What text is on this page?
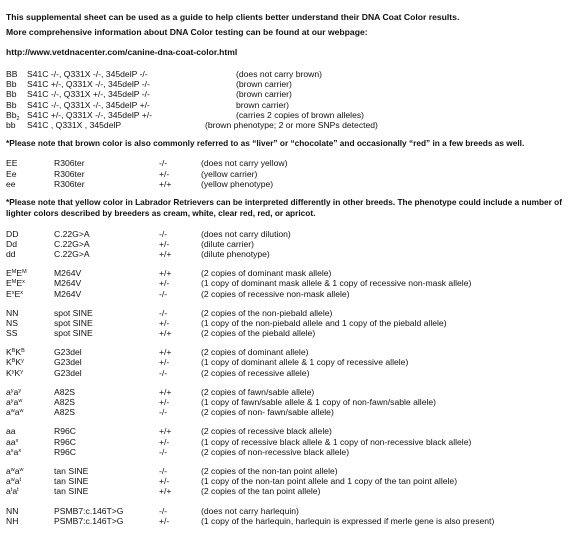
This supplemental sheet can be used as a guide to help clients better understand their DNA Coat Color results.

More comprehensive information about DNA Color testing can be found at our webpage:

http://www.vetdnacenter.com/canine-dna-coat-color.html
BB S41C -/-, Q331X -/-, 345delP -/-	(does not carry brown)
Bb S41C +/-, Q331X -/-, 345delP -/-	(brown carrier)
Bb S41C -/-, Q331X +/-, 345delP -/-	(brown carrier)
Bb S41C -/-, Q331X -/-, 345delP +/-	brown carrier)
$Bb_2$ S41C +/-, Q331X -/-, 345delP +/-	(carries 2 copies of brown alleles)
bb S41C , Q331X , 345delP	(brown phenotype; 2 or more SNPs detected)
*Please note that brown color is also commonly referred to as “liver” or “chocolate” and occasionally “red” in a few breeds as well.
EE	R306ter	-/-	(does not carry yellow)
Ee	R306ter	+/-	(yellow carrier)
ee	R306ter	+/+	(yellow phenotype)
*Please note that yellow color in Labrador Retrievers can be interpreted differently in other breeds. The phenotype could include a number of lighter colors described by breeders as cream, white, clear red, red, or apricot.
DD	C.22G>A	-/-	(does not carry dilution)
Dd	C.22G>A	+/-	(dilute carrier)
dd	C.22G>A	+/+	(dilute phenotype)
$E^ME^M$	M264V	+/+	(2 copies of dominant mask allele)
$E^ME^x$	M264V	+/-	(1 copy of dominant mask allele & 1 copy of recessive non-mask allele)
$E^xE^x$	M264V	-/-	(2 copies of recessive non-mask allele)
NN	spot SINE	-/-	(2 copies of the non-piebald allele)
NS	spot SINE	+/-	(1 copy of the non-piebald allele and 1 copy of the piebald allele)
SS	spot SINE	+/+	(2 copies of the piebald allele)
$K^BK^B$	G23del	+/+	(2 copies of dominant allele)
$K^BK^y$	G23del	+/-	(1 copy of dominant allele & 1 copy of recessive allele)
$K^yK^y$	G23del	-/-	(2 copies of recessive allele)
$a^ya^y$	A82S	+/+	(2 copies of fawn/sable allele)
$a^ya^w$	A82S	+/-	(1 copy of fawn/sable allele & 1 copy of non-fawn/sable allele)
$a^wa^w$	A82S	-/-	(2 copies of non- fawn/sable allele)
aa	R96C	+/+	(2 copies of recessive black allele)
$aa^x$	R96C	+/-	(1 copy of recessive black allele & 1 copy of non-recessive black allele)
$a^xa^x$	R96C	-/-	(2 copies of non-recessive black allele)
$a^wa^w$	tan SINE	-/-	(2 copies of the non-tan point allele)
$a^wa^t$	tan SINE	+/-	(1 copy of the non-tan point allele and 1 copy of the tan point allele)
$a^ta^t$	tan SINE	+/+	(2 copies of the tan point allele)
NN	PSMB7:c.146T>G	-/-	(does not carry harlequin)
NH	PSMB7:c.146T>G	+/-	(1 copy of the harlequin, harlequin is expressed if merle gene is also present)
